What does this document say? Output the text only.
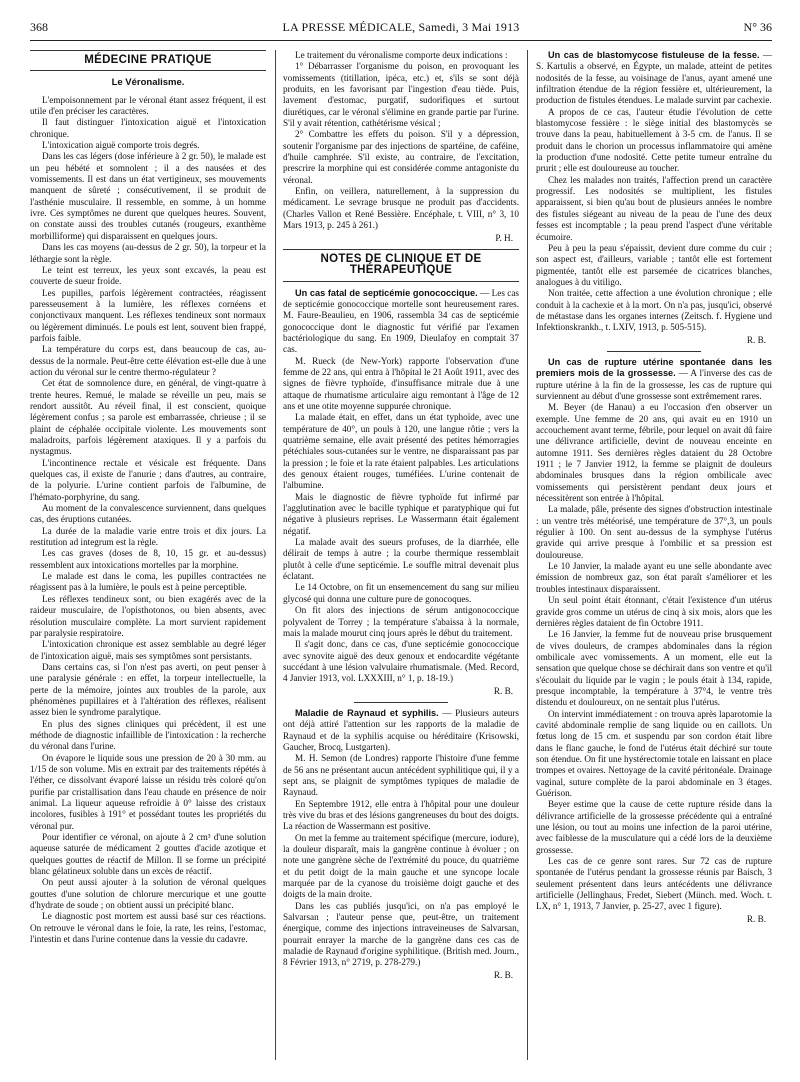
368	LA PRESSE MÉDICALE, Samedi, 3 Mai 1913	N° 36
MÉDECINE PRATIQUE
Le Véronalisme.

L'empoisonnement par le véronal étant assez fréquent, il est utile d'en préciser les caractères.

Il faut distinguer l'intoxication aiguë et l'intoxication chronique.

L'intoxication aiguë comporte trois degrés.

Dans les cas légers (dose inférieure à 2 gr. 50), le malade est un peu hébété et somnolent ; il a des nausées et des vomissements. Il est dans un état vertigineux, ses mouvements manquent de sûreté ; consécutivement, il se produit de l'asthénie musculaire. Il ressemble, en somme, à un homme ivre. Ces symptômes ne durent que quelques heures. Souvent, on constate aussi des troubles cutanés (rougeurs, exanthème morbilliforme) qui disparaissent en quelques jours.

Dans les cas moyens (au-dessus de 2 gr. 50), la torpeur et la léthargie sont la règle.

Le teint est terreux, les yeux sont excavés, la peau est couverte de sueur froide.

Les pupilles, parfois légèrement contractées, réagissent paresseusement à la lumière, les réflexes cornéens et conjonctivaux manquent. Les réflexes tendineux sont normaux ou légèrement diminués. Le pouls est lent, souvent bien frappé, parfois faible.

La température du corps est, dans beaucoup de cas, au-dessus de la normale. Peut-être cette élévation est-elle due à une action du véronal sur le centre thermo-régulateur ?

Cet état de somnolence dure, en général, de vingt-quatre à trente heures. Remué, le malade se réveille un peu, mais se rendort aussitôt. Au réveil final, il est conscient, quoique légèrement confus ; sa parole est embarrassée, chrieuse ; il se plaint de céphalée occipitale violente. Les mouvements sont maladroits, parfois légèrement ataxiques. Il y a parfois du nystagmus.

L'incontinence rectale et vésicale est fréquente. Dans quelques cas, il existe de l'anurie ; dans d'autres, au contraire, de la polyurie. L'urine contient parfois de l'albumine, de l'hémato-porphyrine, du sang.

Au moment de la convalescence surviennent, dans quelques cas, des éruptions cutanées.

La durée de la maladie varie entre trois et dix jours. La restitution ad integrum est la règle.

Les cas graves (doses de 8, 10, 15 gr. et au-dessus) ressemblent aux intoxications mortelles par la morphine.

Le malade est dans le coma, les pupilles contractées ne réagissent pas à la lumière, le pouls est à peine perceptible.

Les réflexes tendineux sont, ou bien exagérés avec de la raideur musculaire, de l'opisthotonos, ou bien absents, avec résolution musculaire complète. La mort survient rapidement par paralysie respiratoire.

L'intoxication chronique est assez semblable au degré léger de l'intoxication aiguë, mais ses symptômes sont persistants.

Dans certains cas, si l'on n'est pas averti, on peut penser à une paralysie générale : en effet, la torpeur intellectuelle, la perte de la mémoire, jointes aux troubles de la parole, aux phénomènes pupillaires et à l'altération des réflexes, réalisent assez bien le syndrome paralytique.

En plus des signes cliniques qui précèdent, il est une méthode de diagnostic infaillible de l'intoxication : la recherche du véronal dans l'urine.

On évapore le liquide sous une pression de 20 à 30 mm. au 1/15 de son volume. Mis en extrait par des traitements répétés à l'éther, ce dissolvant évaporé laisse un résidu très coloré qu'on purifie par cristallisation dans l'eau chaude en présence de noir animal. La liqueur aqueuse refroidie à 0° laisse des cristaux incolores, fusibles à 191° et possédant toutes les propriétés du véronal pur.

Pour identifier ce véronal, on ajoute à 2 cm³ d'une solution aqueuse saturée de médicament 2 gouttes d'acide azotique et quelques gouttes de réactif de Millon. Il se forme un précipité blanc gélatineux soluble dans un excès de réactif.

On peut aussi ajouter à la solution de véronal quelques gouttes d'une solution de chlorure mercurique et une goutte d'hydrate de soude ; on obtient aussi un précipité blanc.

Le diagnostic post mortem est aussi basé sur ces réactions. On retrouve le véronal dans le foie, la rate, les reins, l'estomac, l'intestin et dans l'urine contenue dans la vessie du cadavre.

Le traitement du véronalisme comporte deux indications :

1° Débarrasser l'organisme du poison, en provoquant les vomissements (titillation, ipéca, etc.) et, s'ils se sont déjà produits, en les favorisant par l'ingestion d'eau tiède. Puis, lavement d'estomac, purgatif, sudorifiques et surtout diurétiques, car le véronal s'élimine en grande partie par l'urine. S'il y avait rétention, cathétérisme vésical ;

2° Combattre les effets du poison. S'il y a dépression, soutenir l'organisme par des injections de spartéine, de caféine, d'huile camphrée. S'il existe, au contraire, de l'excitation, prescrire la morphine qui est considérée comme antagoniste du véronal.

Enfin, on veillera, naturellement, à la suppression du médicament. Le sevrage brusque ne produit pas d'accidents. (Charles Vallon et René Bessière. Encéphale, t. VIII, n° 3, 10 Mars 1913, p. 245 à 261.)

P. H.

NOTES DE CLINIQUE ET DE THÉRAPEUTIQUE

Un cas fatal de septicémie gonococcique. — Les cas de septicémie gonococcique mortelle sont heureusement rares. M. Faure-Beaulieu, en 1906, rassembla 34 cas de septicémie gonococcique dont le diagnostic fut vérifié par l'examen bactériologique du sang. En 1909, Dieulafoy en comptait 37 cas.

M. Rueck (de New-York) rapporte l'observation d'une femme de 22 ans, qui entra à l'hôpital le 21 Août 1911, avec des signes de fièvre typhoïde, d'insuffisance mitrale due à une attaque de rhumatisme articulaire aigu remontant à l'âge de 12 ans et une otite moyenne suppurée chronique.

La malade était, en effet, dans un état typhoïde, avec une température de 40°, un pouls à 120, une langue rôtie ; vers la quatrième semaine, elle avait présenté des petites hémorragies pétéchiales sous-cutanées sur le ventre, ne disparaissant pas par la pression ; le foie et la rate étaient palpables. Les articulations des genoux étaient rouges, tuméfiées. L'urine contenait de l'albumine.

Mais le diagnostic de fièvre typhoïde fut infirmé par l'agglutination avec le bacille typhique et paratyphique qui fut négative à plusieurs reprises. Le Wassermann était également négatif.

La malade avait des sueurs profuses, de la diarrhée, elle délirait de temps à autre ; la courbe thermique ressemblait plutôt à celle d'une septicémie. Le souffle mitral devenait plus éclatant.

Le 14 Octobre, on fit un ensemencement du sang sur milieu glycosé qui donna une culture pure de gonocoques.

On fit alors des injections de sérum antigonococcique polyvalent de Torrey ; la température s'abaissa à la normale, mais la malade mourut cinq jours après le début du traitement.

Il s'agit donc, dans ce cas, d'une septicémie gonococcique avec synovite aiguë des deux genoux et endocardite végétante succédant à une lésion valvulaire rhumatismale. (Med. Record, 4 Janvier 1913, vol. LXXXIII, n° 1, p. 18-19.)

R. B.

Maladie de Raynaud et syphilis. — Plusieurs auteurs ont déjà attiré l'attention sur les rapports de la maladie de Raynaud et de la syphilis acquise ou héréditaire (Krisowski, Gaucher, Brocq, Lustgarten).

M. H. Semon (de Londres) rapporte l'histoire d'une femme de 56 ans ne présentant aucun antécédent syphilitique qui, il y a sept ans, se plaignit de symptômes typiques de maladie de Raynaud.

En Septembre 1912, elle entra à l'hôpital pour une douleur très vive du bras et des lésions gangreneuses du bout des doigts. La réaction de Wassermann est positive.

On met la femme au traitement spécifique (mercure, iodure), la douleur disparaît, mais la gangrène continue à évoluer ; on note une gangrène sèche de l'extrémité du pouce, du quatrième et du petit doigt de la main gauche et une syncope locale marquée par de la cyanose du troisième doigt gauche et des doigts de la main droite.

Dans les cas publiés jusqu'ici, on n'a pas employé le Salvarsan ; l'auteur pense que, peut-être, un traitement énergique, comme des injections intraveineuses de Salvarsan, pourrait enrayer la marche de la gangrène dans ces cas de maladie de Raynaud d'origine syphilitique. (British med. Journ., 8 Février 1913, n° 2719, p. 278-279.)

R. B.

Un cas de blastomycose fistuleuse de la fesse. — S. Kartulis a observé, en Égypte, un malade, atteint de petites nodosités de la fesse, au voisinage de l'anus, ayant amené une infiltration étendue de la région fessière et, ultérieurement, la production de fistules étendues. Le malade survint par cachexie.

A propos de ce cas, l'auteur étudie l'évolution de cette blastomycose fessière : le siège initial des blastomycès se trouve dans la peau, habituellement à 3-5 cm. de l'anus. Il se produit dans le chorion un processus inflammatoire qui amène la production d'une nodosité. Cette petite tumeur entraîne du prurit ; elle est douloureuse au toucher.

Chez les malades non traités, l'affection prend un caractère progressif. Les nodosités se multiplient, les fistules apparaissent, si bien qu'au bout de plusieurs années le nombre des fistules siégeant au niveau de la peau de l'une des deux fesses est incomptable ; la peau prend l'aspect d'une véritable écumoire.

Peu à peu la peau s'épaissit, devient dure comme du cuir ; son aspect est, d'ailleurs, variable ; tantôt elle est fortement pigmentée, tantôt elle est parsemée de cicatrices blanches, analogues à du vitiligo.

Non traitée, cette affection a une évolution chronique ; elle conduit à la cachexie et à la mort. On n'a pas, jusqu'ici, observé de métastase dans les organes internes (Zeitsch. f. Hygiene und Infektionskrankh., t. LXIV, 1913, p. 505-515).

R. B.

Un cas de rupture utérine spontanée dans les premiers mois de la grossesse. — A l'inverse des cas de rupture utérine à la fin de la grossesse, les cas de rupture qui surviennent au début d'une grossesse sont extrêmement rares.

M. Beyer (de Hanau) a eu l'occasion d'en observer un exemple. Une femme de 20 ans, qui avait eu en 1910 un accouchement avant terme, fébrile, pour lequel on avait dû faire une délivrance artificielle, devint de nouveau enceinte en automne 1911. Ses dernières règles dataient du 28 Octobre 1911 ; le 7 Janvier 1912, la femme se plaignit de douleurs abdominales brusques dans la région ombilicale avec vomissements qui persistèrent pendant deux jours et nécessitèrent son entrée à l'hôpital.

La malade, pâle, présente des signes d'obstruction intestinale : un ventre très météorisé, une température de 37°,3, un pouls régulier à 100. On sent au-dessus de la symphyse l'utérus gravide qui arrive presque à l'ombilic et sa pression est douloureuse.

Le 10 Janvier, la malade ayant eu une selle abondante avec émission de nombreux gaz, son état paraît s'améliorer et les troubles intestinaux disparaissent.

Un seul point était étonnant, c'était l'existence d'un utérus gravide gros comme un utérus de cinq à six mois, alors que les dernières règles dataient de fin Octobre 1911.

Le 16 Janvier, la femme fut de nouveau prise brusquement de vives douleurs, de crampes abdominales dans la région ombilicale avec vomissements. A un moment, elle eut la sensation que quelque chose se déchirait dans son ventre et qu'il s'écoulait du liquide par le vagin ; le pouls était à 134, rapide, presque incomptable, la température à 37°4, le ventre très distendu et douloureux, on ne sentait plus l'utérus.

On intervint immédiatement : on trouva après laparotomie la cavité abdominale remplie de sang liquide ou en caillots. Un fœtus long de 15 cm. et suspendu par son cordon était libre dans le flanc gauche, le fond de l'utérus était déchiré sur toute son étendue. On fit une hystérectomie totale en laissant en place trompes et ovaires. Nettoyage de la cavité péritonéale. Drainage vaginal, suture complète de la paroi abdominale en 3 étages. Guérison.

Beyer estime que la cause de cette rupture réside dans la délivrance artificielle de la grossesse précédente qui a entraîné une lésion, ou tout au moins une infection de la paroi utérine, avec faiblesse de la musculature qui a cédé lors de la deuxième grossesse.

Les cas de ce genre sont rares. Sur 72 cas de rupture spontanée de l'utérus pendant la grossesse réunis par Baisch, 3 seulement présentent dans leurs antécédents une délivrance artificielle (Jellinghaus, Fredet, Siebert (Münch. med. Woch. t. LX, n° 1, 1913, 7 Janvier, p. 25-27, avec 1 figure).

R. B.
